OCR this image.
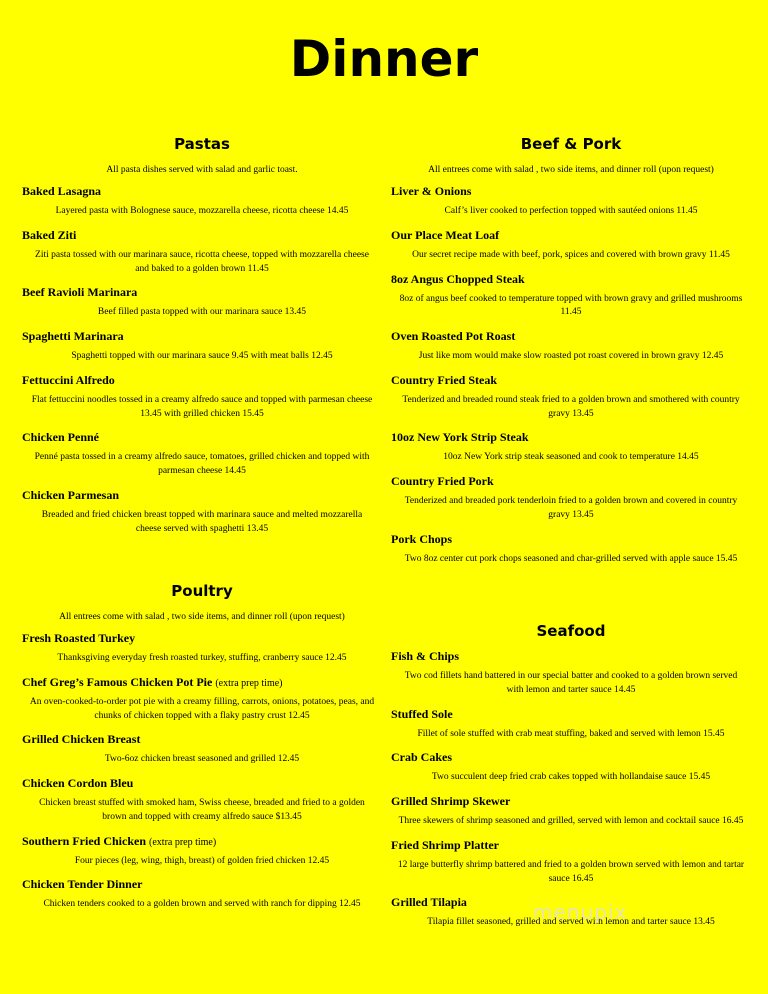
Dinner
Pastas
All pasta dishes served with salad and garlic toast.
Baked Lasagna
Layered pasta with Bolognese sauce, mozzarella cheese, ricotta cheese 14.45
Baked Ziti
Ziti pasta tossed with our marinara sauce, ricotta cheese, topped with mozzarella cheese and baked to a golden brown 11.45
Beef Ravioli Marinara
Beef filled pasta topped with our marinara sauce 13.45
Spaghetti Marinara
Spaghetti topped with our marinara sauce 9.45 with meat balls 12.45
Fettuccini Alfredo
Flat fettuccini noodles tossed in a creamy alfredo sauce and topped with parmesan cheese 13.45 with grilled chicken 15.45
Chicken Penné
Penné pasta tossed in a creamy alfredo sauce, tomatoes, grilled chicken and topped with parmesan cheese 14.45
Chicken Parmesan
Breaded and fried chicken breast topped with marinara sauce and melted mozzarella cheese served with spaghetti 13.45
Poultry
All entrees come with salad , two side items, and dinner roll (upon request)
Fresh Roasted Turkey
Thanksgiving everyday fresh roasted turkey, stuffing, cranberry sauce 12.45
Chef Greg’s Famous Chicken Pot Pie (extra prep time)
An oven-cooked-to-order pot pie with a creamy filling, carrots, onions, potatoes, peas, and chunks of chicken topped with a flaky pastry crust 12.45
Grilled Chicken Breast
Two-6oz chicken breast seasoned and grilled 12.45
Chicken Cordon Bleu
Chicken breast stuffed with smoked ham, Swiss cheese, breaded and fried to a golden brown and topped with creamy alfredo sauce $13.45
Southern Fried Chicken (extra prep time)
Four pieces (leg, wing, thigh, breast) of golden fried chicken 12.45
Chicken Tender Dinner
Chicken tenders cooked to a golden brown and served with ranch for dipping 12.45
Beef & Pork
All entrees come with salad , two side items, and dinner roll (upon request)
Liver & Onions
Calf’s liver cooked to perfection topped with sautéed onions 11.45
Our Place Meat Loaf
Our secret recipe made with beef, pork, spices and covered with brown gravy 11.45
8oz Angus Chopped Steak
8oz of angus beef cooked to temperature topped with brown gravy and grilled mushrooms 11.45
Oven Roasted Pot Roast
Just like mom would make slow roasted pot roast covered in brown gravy 12.45
Country Fried Steak
Tenderized and breaded round steak fried to a golden brown and smothered with country gravy 13.45
10oz New York Strip Steak
10oz New York strip steak seasoned and cook to temperature 14.45
Country Fried Pork
Tenderized and breaded pork tenderloin fried to a golden brown and covered in country gravy 13.45
Pork Chops
Two 8oz center cut pork chops seasoned and char-grilled served with apple sauce 15.45
Seafood
Fish & Chips
Two cod fillets hand battered in our special batter and cooked to a golden brown served with lemon and tarter sauce 14.45
Stuffed Sole
Fillet of sole stuffed with crab meat stuffing, baked and served with lemon 15.45
Crab Cakes
Two succulent deep fried crab cakes topped with hollandaise sauce 15.45
Grilled Shrimp Skewer
Three skewers of shrimp seasoned and grilled, served with lemon and cocktail sauce 16.45
Fried Shrimp Platter
12 large butterfly shrimp battered and fried to a golden brown served with lemon and tartar sauce 16.45
Grilled Tilapia
Tilapia fillet seasoned, grilled and served with lemon and tarter sauce 13.45
menupix
